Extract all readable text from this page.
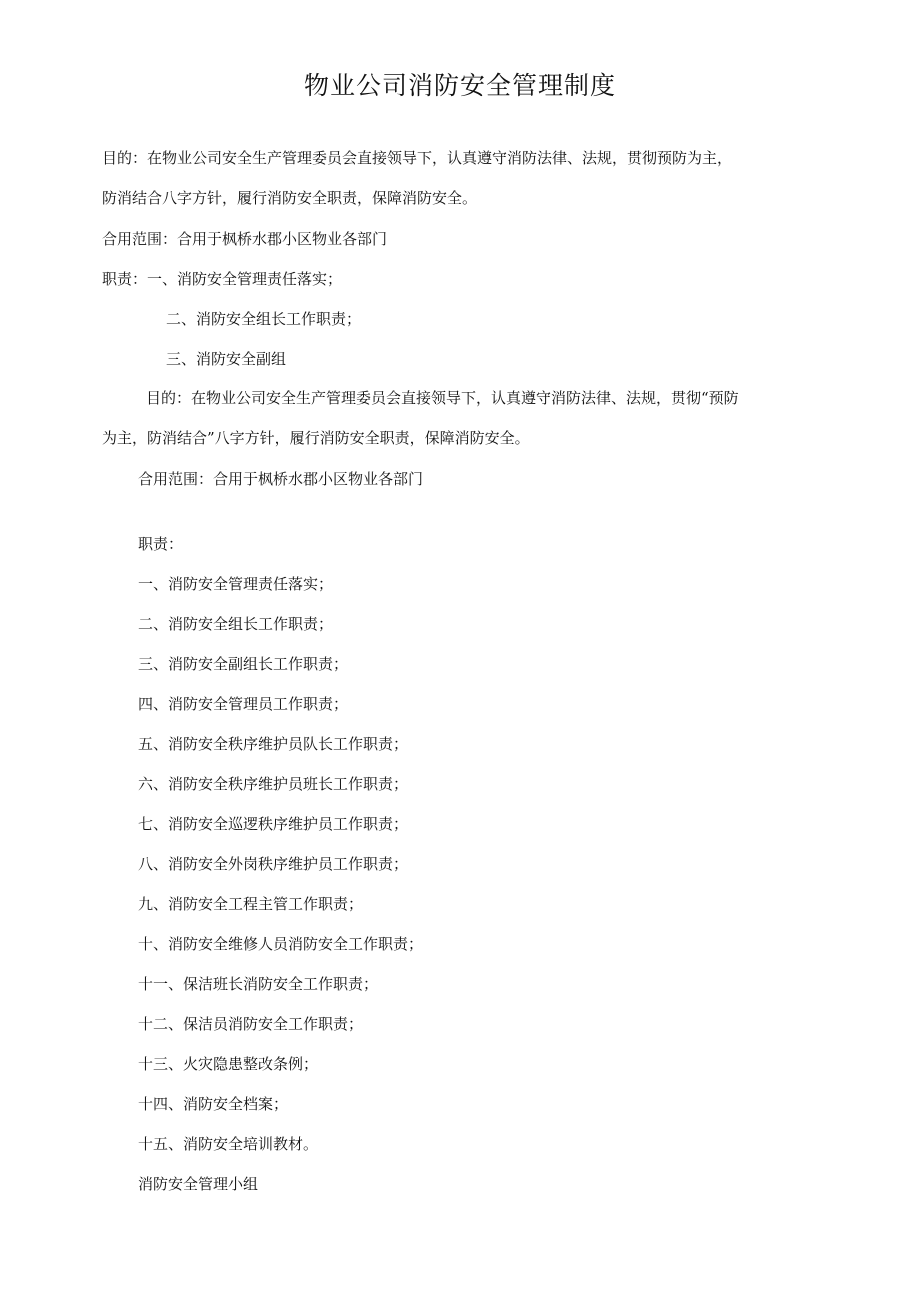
物业公司消防安全管理制度

目的：在物业公司安全生产管理委员会直接领导下，认真遵守消防法律、法规，贯彻预防为主，

防消结合八字方针，履行消防安全职责，保障消防安全。

合用范围：合用于枫桥水郡小区物业各部门

职责：一、消防安全管理责任落实；

二、消防安全组长工作职责；

三、消防安全副组

目的：在物业公司安全生产管理委员会直接领导下，认真遵守消防法律、法规，贯彻“预防

为主，防消结合”八字方针，履行消防安全职责，保障消防安全。

合用范围：合用于枫桥水郡小区物业各部门

职责：

一、消防安全管理责任落实；

二、消防安全组长工作职责；

三、消防安全副组长工作职责；

四、消防安全管理员工作职责；

五、消防安全秩序维护员队长工作职责；

六、消防安全秩序维护员班长工作职责；

七、消防安全巡逻秩序维护员工作职责；

八、消防安全外岗秩序维护员工作职责；

九、消防安全工程主管工作职责；

十、消防安全维修人员消防安全工作职责；

十一、保洁班长消防安全工作职责；

十二、保洁员消防安全工作职责；

十三、火灾隐患整改条例；

十四、消防安全档案；

十五、消防安全培训教材。

消防安全管理小组
